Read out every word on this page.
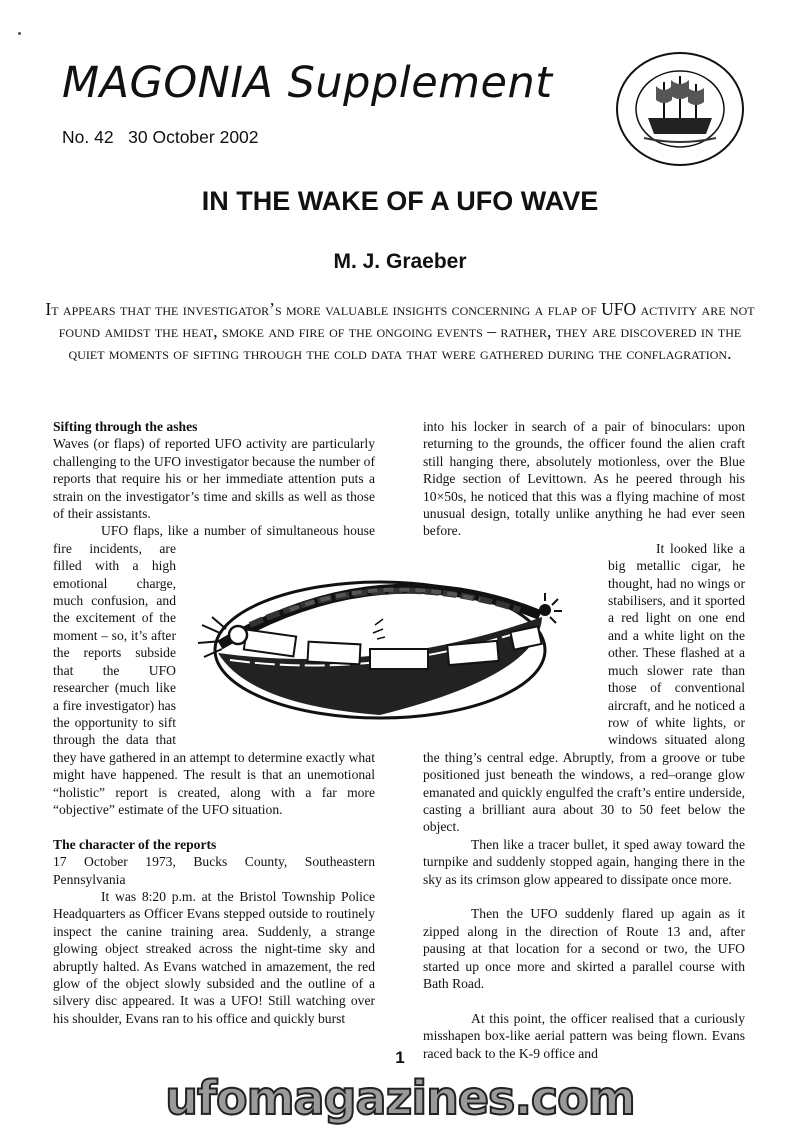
MAGONIA Supplement
No. 42   30 October 2002
IN THE WAKE OF A UFO WAVE
M. J. Graeber
It appears that the investigator’s more valuable insights concerning a flap of UFO activity are not found amidst the heat, smoke and fire of the ongoing events – rather, they are discovered in the quiet moments of sifting through the cold data that were gathered during the conflagration.

Sifting through the ashes

Waves (or flaps) of reported UFO activity are particularly challenging to the UFO investigator because the number of reports that require his or her immediate attention puts a strain on the investigator’s time and skills as well as those of their assistants.

UFO flaps, like a number of simultaneous house fire incidents, are filled with a high emotional charge, much confusion, and the excitement of the moment – so, it’s after the reports subside that the UFO researcher (much like a fire investigator) has the opportunity to sift through the data that they have gathered in an attempt to determine exactly what might have happened. The result is that an unemotional “holistic” report is created, along with a far more “objective” estimate of the UFO situation.

The character of the reports

17 October 1973, Bucks County, Southeastern Pennsylvania

It was 8:20 p.m. at the Bristol Township Police Headquarters as Officer Evans stepped outside to routinely inspect the canine training area. Suddenly, a strange glowing object streaked across the night-time sky and abruptly halted. As Evans watched in amazement, the red glow of the object slowly subsided and the outline of a silvery disc appeared. It was a UFO! Still watching over his shoulder, Evans ran to his office and quickly burst

into his locker in search of a pair of binoculars: upon returning to the grounds, the officer found the alien craft still hanging there, absolutely motionless, over the Blue Ridge section of Levittown. As he peered through his 10×50s, he noticed that this was a flying machine of most unusual design, totally unlike anything he had ever seen before.

It looked like a big metallic cigar, he thought, had no wings or stabilisers, and it sported a red light on one end and a white light on the other. These flashed at a much slower rate than those of conventional aircraft, and he noticed a row of white lights, or windows situated along the thing’s central edge. Abruptly, from a groove or tube positioned just beneath the windows, a red–orange glow emanated and quickly engulfed the craft’s entire underside, casting a brilliant aura about 30 to 50 feet below the object.

Then like a tracer bullet, it sped away toward the turnpike and suddenly stopped again, hanging there in the sky as its crimson glow appeared to dissipate once more.

Then the UFO suddenly flared up again as it zipped along in the direction of Route 13 and, after pausing at that location for a second or two, the UFO started up once more and skirted a parallel course with Bath Road.

At this point, the officer realised that a curiously misshapen box-like aerial pattern was being flown. Evans raced back to the K-9 office and

1
ufomagazines.com
